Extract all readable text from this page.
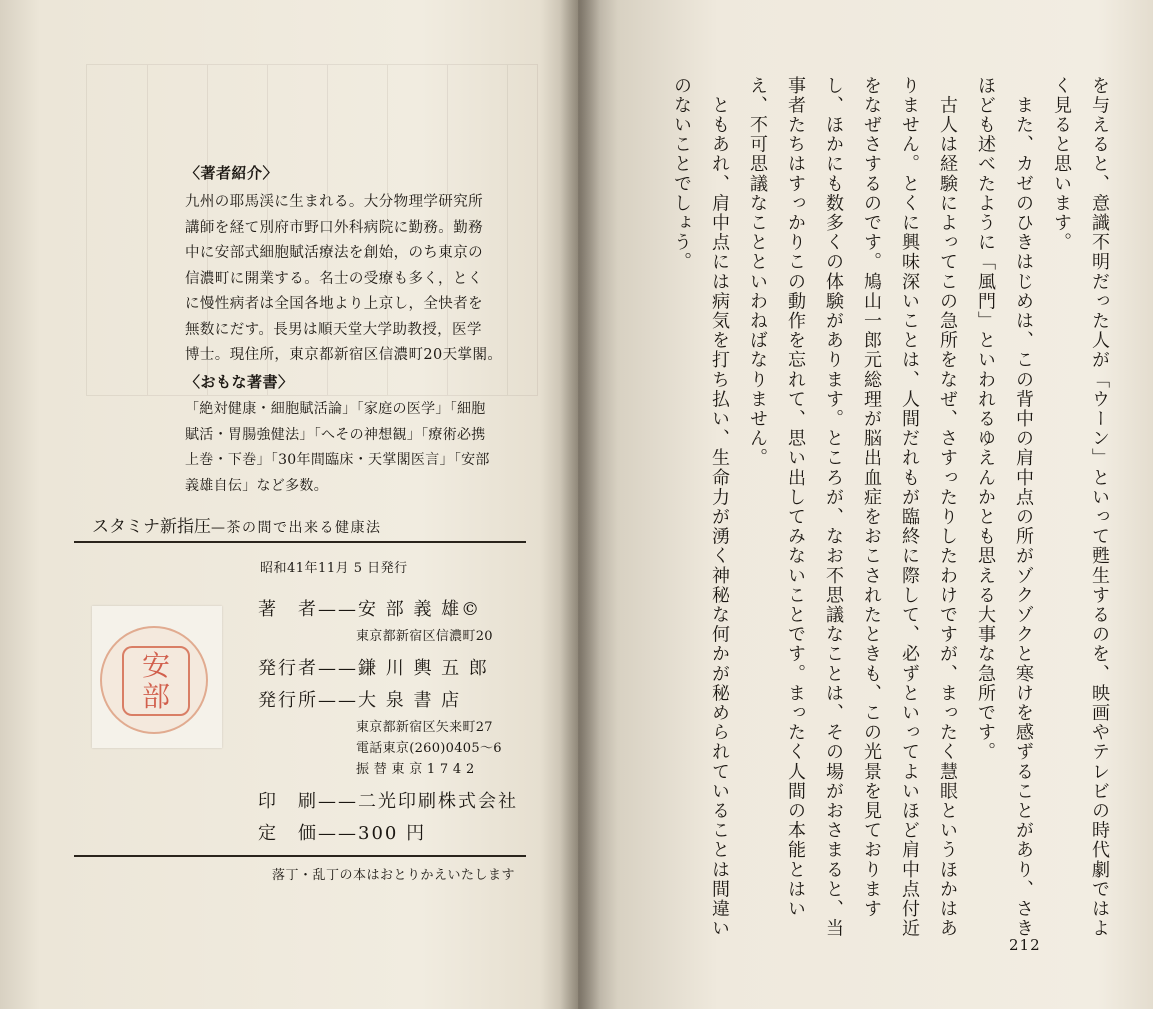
〈著者紹介〉
九州の耶馬渓に生まれる。大分物理学研究所
講師を経て別府市野口外科病院に勤務。勤務
中に安部式細胞賦活療法を創始，のち東京の
信濃町に開業する。名士の受療も多く，とく
に慢性病者は全国各地より上京し，全快者を
無数にだす。長男は順天堂大学助教授，医学
博士。現住所，東京都新宿区信濃町20天掌閣。
〈おもな著書〉
「絶対健康・細胞賦活論」「家庭の医学」「細胞
賦活・胃腸強健法」「へその神想観」「療術必携
上巻・下巻」「30年間臨床・天掌閣医言」「安部
義雄自伝」など多数。
スタミナ新指圧—茶の間で出来る健康法
昭和41年11月 5 日発行
安
部
著　者——安 部 義 雄©
東京都新宿区信濃町20
発行者——鎌 川 輿 五 郎
発行所——大 泉 書 店
東京都新宿区矢来町27
電話東京(260)0405〜6
振 替 東 京 1 7 4 2
印　刷——二光印刷株式会社
定　価——300 円
落丁・乱丁の本はおとりかえいたします	を与えると、意識不明だった人が「ウーン」といって甦生するのを、映画やテレビの時代劇ではよ
く見ると思います。
　また、カゼのひきはじめは、この背中の肩中点の所がゾクゾクと寒けを感ずることがあり、さき
ほども述べたように「風門」といわれるゆえんかとも思える大事な急所です。
　古人は経験によってこの急所をなぜ、さすったりしたわけですが、まったく慧眼というほかはあ
りません。とくに興味深いことは、人間だれもが臨終に際して、必ずといってよいほど肩中点付近
をなぜさするのです。鳩山一郎元総理が脳出血症をおこされたときも、この光景を見ております
し、ほかにも数多くの体験があります。ところが、なお不思議なことは、その場がおさまると、当
事者たちはすっかりこの動作を忘れて、思い出してみないことです。まったく人間の本能とはい
え、不可思議なことといわねばなりません。
　ともあれ、肩中点には病気を打ち払い、生命力が湧く神秘な何かが秘められていることは間違い
のないことでしょう。
212
